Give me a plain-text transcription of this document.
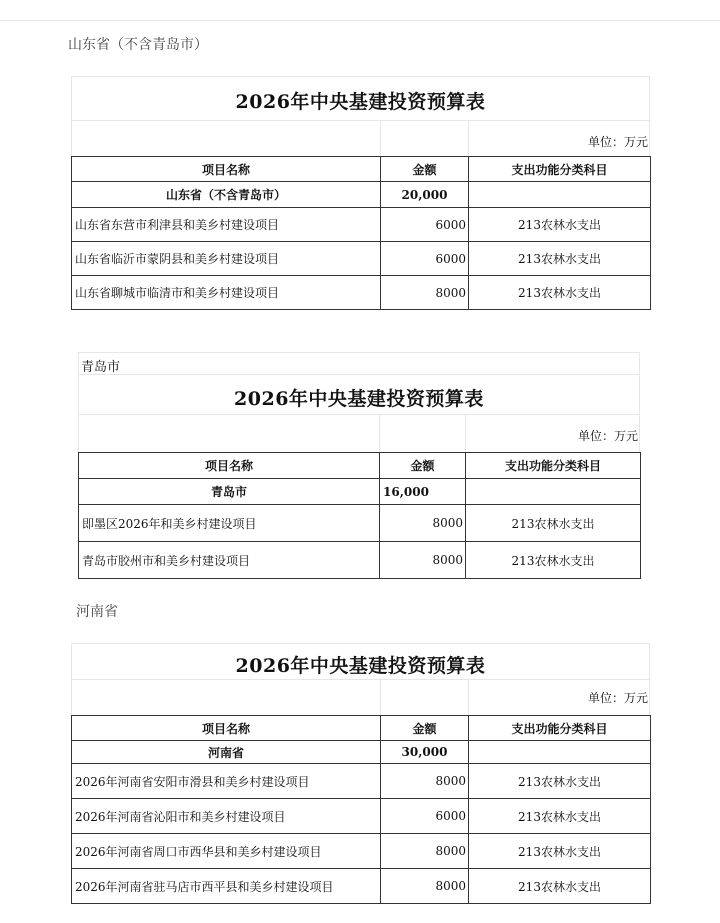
山东省（不含青岛市）
2026年中央基建投资预算表
单位：万元
项目名称	金额	支出功能分类科目
山东省（不含青岛市）	20,000	
山东省东营市利津县和美乡村建设项目	6000	213农林水支出
山东省临沂市蒙阴县和美乡村建设项目	6000	213农林水支出
山东省聊城市临清市和美乡村建设项目	8000	213农林水支出
青岛市
2026年中央基建投资预算表
单位：万元
项目名称	金额	支出功能分类科目
青岛市	16,000	
即墨区2026年和美乡村建设项目	8000	213农林水支出
青岛市胶州市和美乡村建设项目	8000	213农林水支出
河南省
2026年中央基建投资预算表
单位：万元
项目名称	金额	支出功能分类科目
河南省	30,000	
2026年河南省安阳市滑县和美乡村建设项目	8000	213农林水支出
2026年河南省沁阳市和美乡村建设项目	6000	213农林水支出
2026年河南省周口市西华县和美乡村建设项目	8000	213农林水支出
2026年河南省驻马店市西平县和美乡村建设项目	8000	213农林水支出
